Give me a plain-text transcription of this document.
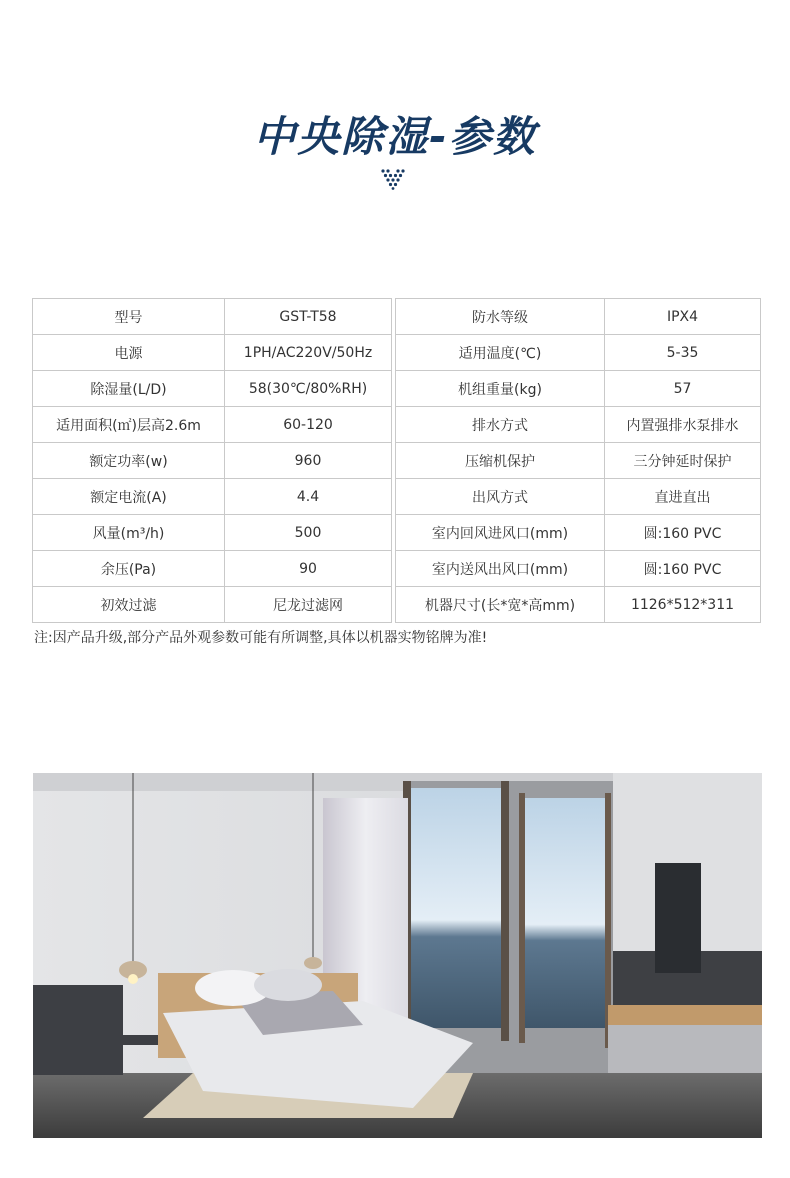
中央除湿-参数
型号	GST-T58
电源	1PH/AC220V/50Hz
除湿量(L/D)	58(30℃/80%RH)
适用面积(㎡)层高2.6m	60-120
额定功率(w)	960
额定电流(A)	4.4
风量(m³/h)	500
余压(Pa)	90
初效过滤	尼龙过滤网
防水等级	IPX4
适用温度(℃)	5-35
机组重量(kg)	57
排水方式	内置强排水泵排水
压缩机保护	三分钟延时保护
出风方式	直进直出
室内回风进风口(mm)	圆:160 PVC
室内送风出风口(mm)	圆:160 PVC
机器尺寸(长*宽*高mm)	1126*512*311
注:因产品升级,部分产品外观参数可能有所调整,具体以机器实物铭牌为准!
